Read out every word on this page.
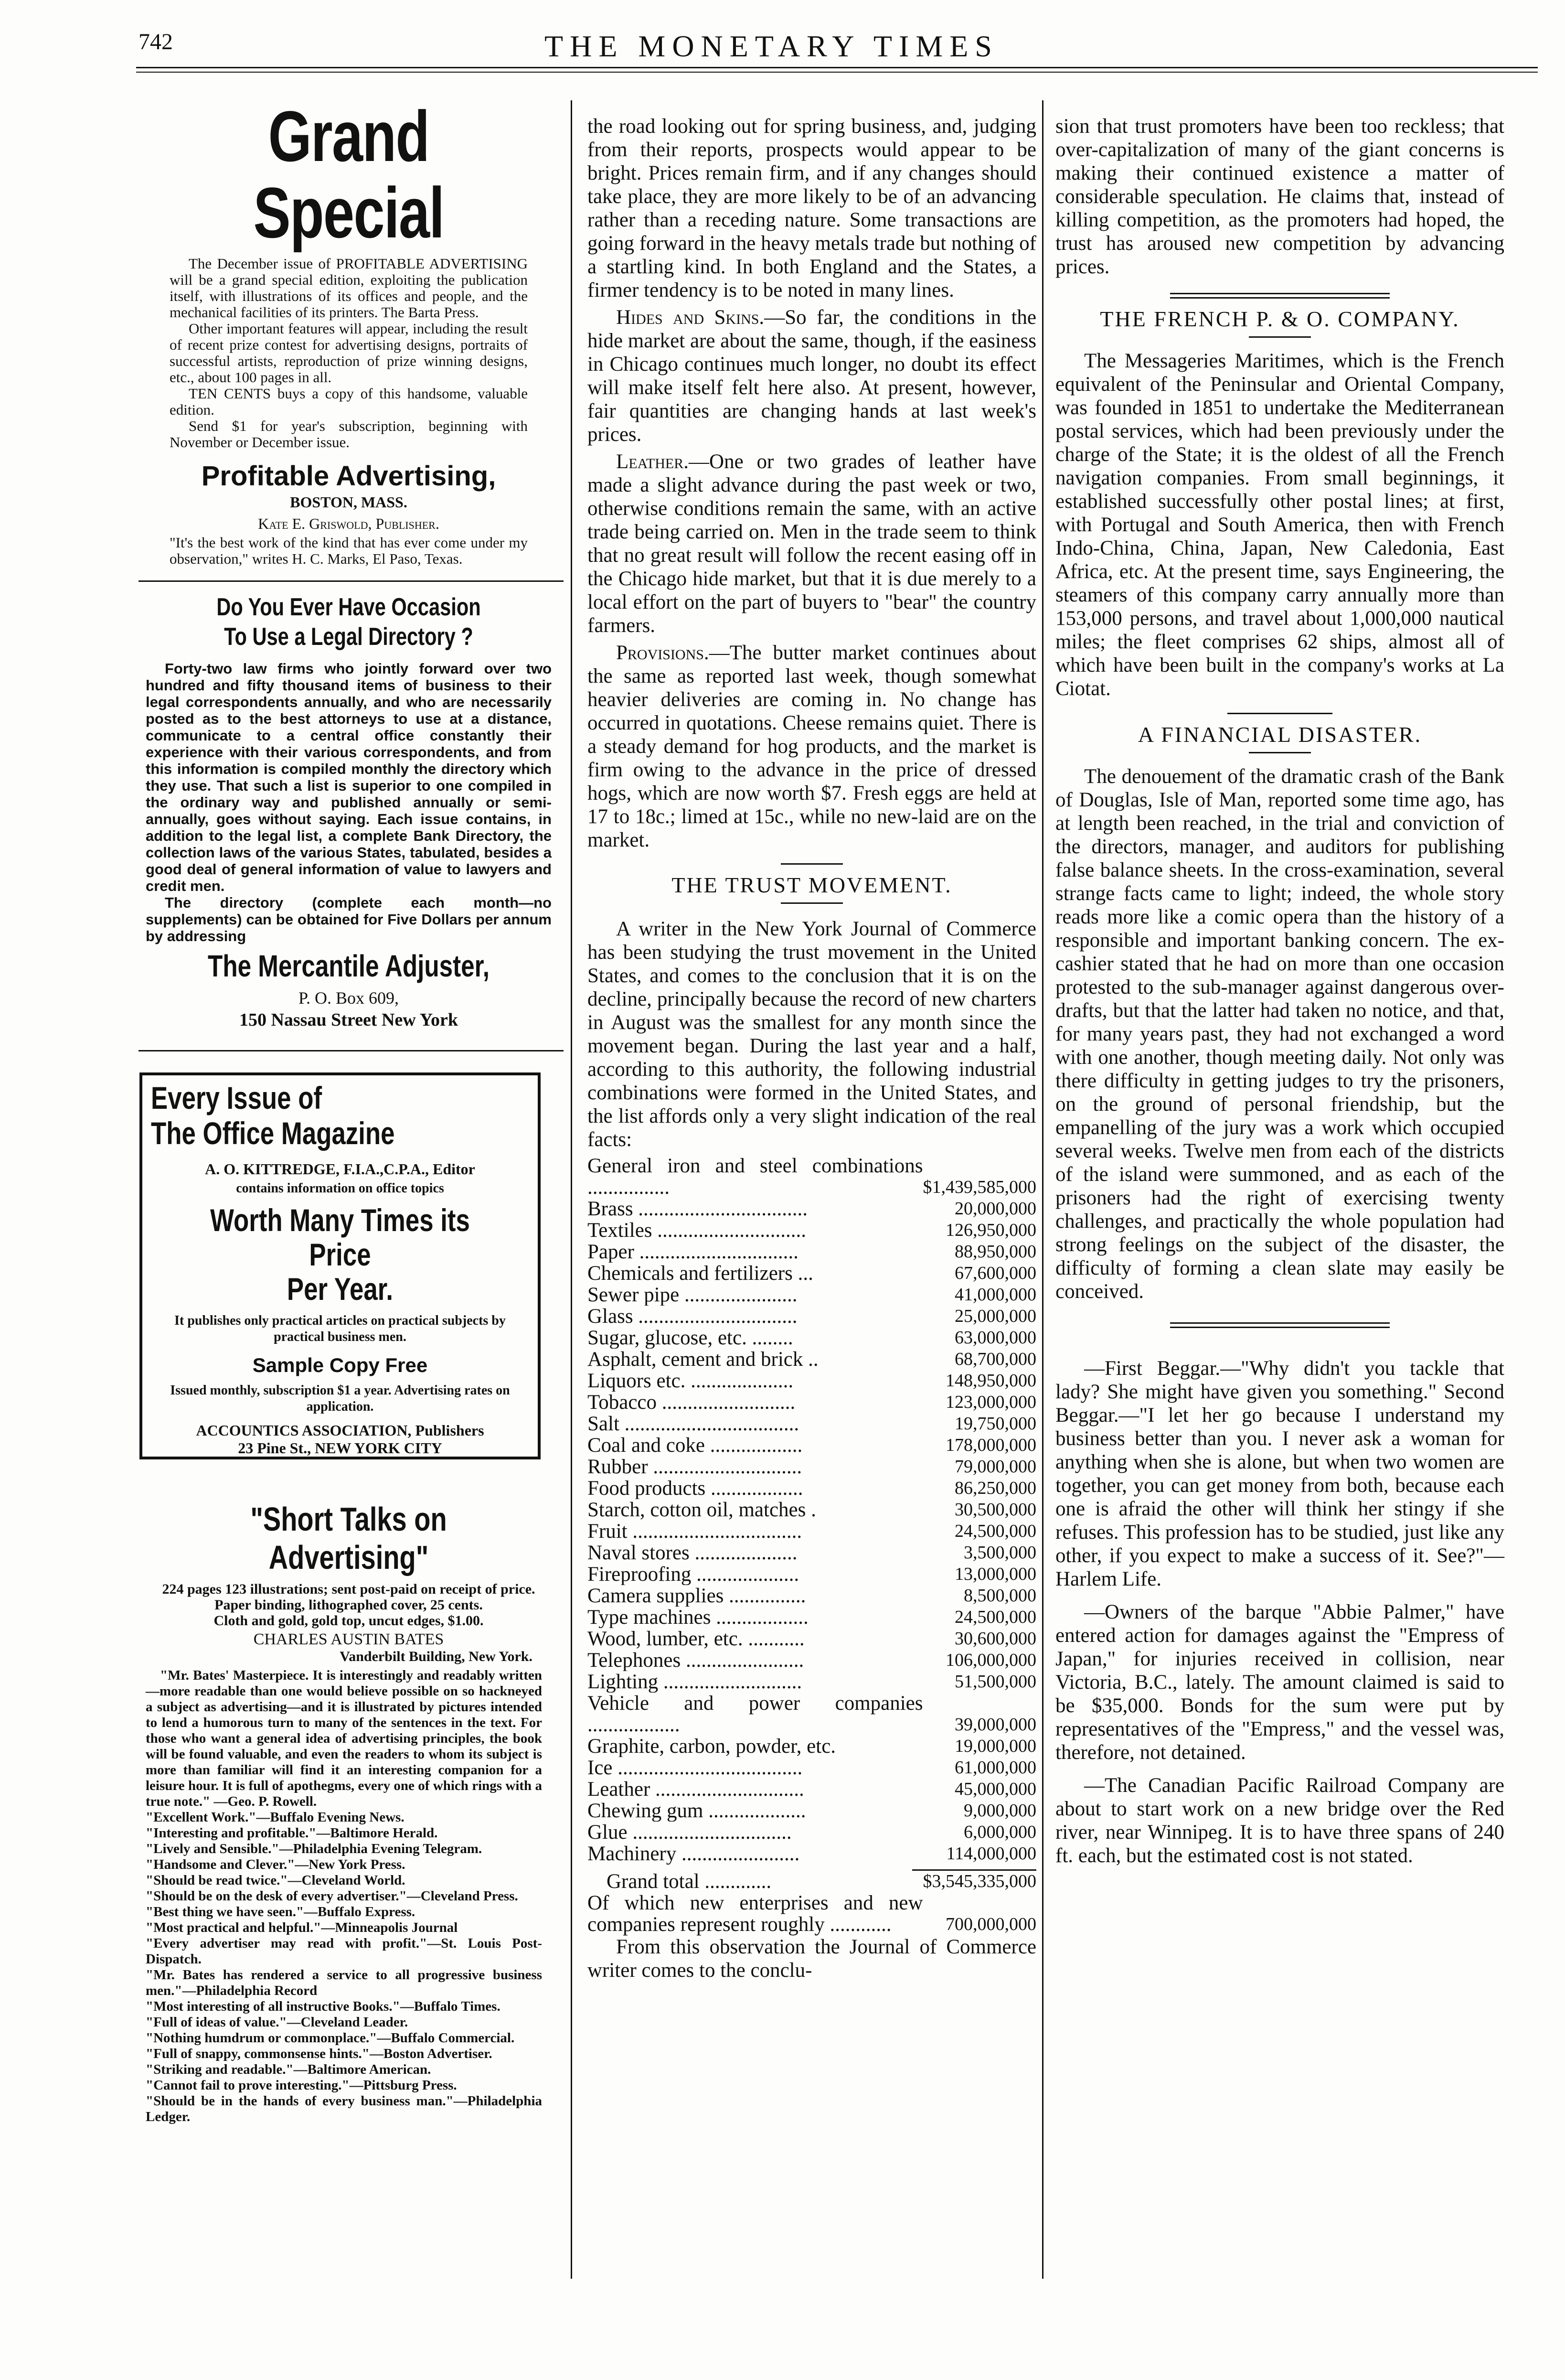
742	THE MONETARY TIMES
Grand Special

The December issue of PROFITABLE ADVERTISING will be a grand special edition, exploiting the publication itself, with illustrations of its offices and people, and the mechanical facilities of its printers. The Barta Press.

Other important features will appear, including the result of recent prize contest for advertising designs, portraits of successful artists, reproduction of prize winning designs, etc., about 100 pages in all.

TEN CENTS buys a copy of this handsome, valuable edition.

Send $1 for year's subscription, beginning with November or December issue.

Profitable Advertising,
BOSTON, MASS.
Kate E. Griswold, Publisher.
"It's the best work of the kind that has ever come under my observation," writes H. C. Marks, El Paso, Texas.
Do You Ever Have Occasion
To Use a Legal Directory ?

Forty-two law firms who jointly forward over two hundred and fifty thousand items of business to their legal correspondents annually, and who are necessarily posted as to the best attorneys to use at a distance, communicate to a central office constantly their experience with their various correspondents, and from this information is compiled monthly the directory which they use. That such a list is superior to one compiled in the ordinary way and published annually or semi-annually, goes without saying. Each issue contains, in addition to the legal list, a complete Bank Directory, the collection laws of the various States, tabulated, besides a good deal of general information of value to lawyers and credit men.

The directory (complete each month—no supplements) can be obtained for Five Dollars per annum by addressing

The Mercantile Adjuster,
P. O. Box 609,
150 Nassau Street New York
Every Issue of
The Office Magazine
A. O. KITTREDGE, F.I.A.,C.P.A., Editor
contains information on office topics
Worth Many Times its Price
Per Year.
It publishes only practical articles on practical subjects by practical business men.
Sample Copy Free
Issued monthly, subscription $1 a year. Advertising rates on application.
ACCOUNTICS ASSOCIATION, Publishers
23 Pine St., NEW YORK CITY
"Short Talks on Advertising"

224 pages 123 illustrations; sent post-paid on receipt of price.

Paper binding, lithographed cover, 25 cents.

Cloth and gold, gold top, uncut edges, $1.00.

CHARLES AUSTIN BATES
Vanderbilt Building, New York.

"Mr. Bates' Masterpiece. It is interestingly and readably written—more readable than one would believe possible on so hackneyed a subject as advertising—and it is illustrated by pictures intended to lend a humorous turn to many of the sentences in the text. For those who want a general idea of advertising principles, the book will be found valuable, and even the readers to whom its subject is more than familiar will find it an interesting companion for a leisure hour. It is full of apothegms, every one of which rings with a true note." —Geo. P. Rowell.

"Excellent Work."—Buffalo Evening News.

"Interesting and profitable."—Baltimore Herald.

"Lively and Sensible."—Philadelphia Evening Telegram.

"Handsome and Clever."—New York Press.

"Should be read twice."—Cleveland World.

"Should be on the desk of every advertiser."—Cleveland Press.

"Best thing we have seen."—Buffalo Express.

"Most practical and helpful."—Minneapolis Journal

"Every advertiser may read with profit."—St. Louis Post-Dispatch.

"Mr. Bates has rendered a service to all progressive business men."—Philadelphia Record

"Most interesting of all instructive Books."—Buffalo Times.

"Full of ideas of value."—Cleveland Leader.

"Nothing humdrum or commonplace."—Buffalo Commercial.

"Full of snappy, commonsense hints."—Boston Advertiser.

"Striking and readable."—Baltimore American.

"Cannot fail to prove interesting."—Pittsburg Press.

"Should be in the hands of every business man."—Philadelphia Ledger.

the road looking out for spring business, and, judging from their reports, prospects would appear to be bright. Prices remain firm, and if any changes should take place, they are more likely to be of an advancing rather than a receding nature. Some transactions are going forward in the heavy metals trade but nothing of a startling kind. In both England and the States, a firmer tendency is to be noted in many lines.

Hides and Skins.—So far, the conditions in the hide market are about the same, though, if the easiness in Chicago continues much longer, no doubt its effect will make itself felt here also. At present, however, fair quantities are changing hands at last week's prices.

Leather.—One or two grades of leather have made a slight advance during the past week or two, otherwise conditions remain the same, with an active trade being carried on. Men in the trade seem to think that no great result will follow the recent easing off in the Chicago hide market, but that it is due merely to a local effort on the part of buyers to "bear" the country farmers.

Provisions.—The butter market continues about the same as reported last week, though somewhat heavier deliveries are coming in. No change has occurred in quotations. Cheese remains quiet. There is a steady demand for hog products, and the market is firm owing to the advance in the price of dressed hogs, which are now worth $7. Fresh eggs are held at 17 to 18c.; limed at 15c., while no new-laid are on the market.

THE TRUST MOVEMENT.

A writer in the New York Journal of Commerce has been studying the trust movement in the United States, and comes to the conclusion that it is on the decline, principally because the record of new charters in August was the smallest for any month since the movement began. During the last year and a half, according to this authority, the following industrial combinations were formed in the United States, and the list affords only a very slight indication of the real facts:

General iron and steel combinations ................	$1,439,585,000
Brass .................................	20,000,000
Textiles .............................	126,950,000
Paper ...............................	88,950,000
Chemicals and fertilizers ...	67,600,000
Sewer pipe ......................	41,000,000
Glass ...............................	25,000,000
Sugar, glucose, etc. ........	63,000,000
Asphalt, cement and brick ..	68,700,000
Liquors etc. ....................	148,950,000
Tobacco ..........................	123,000,000
Salt ..................................	19,750,000
Coal and coke ..................	178,000,000
Rubber .............................	79,000,000
Food products ..................	86,250,000
Starch, cotton oil, matches .	30,500,000
Fruit .................................	24,500,000
Naval stores ....................	3,500,000
Fireproofing ....................	13,000,000
Camera supplies ...............	8,500,000
Type machines ..................	24,500,000
Wood, lumber, etc. ...........	30,600,000
Telephones .......................	106,000,000
Lighting ...........................	51,500,000
Vehicle and power companies ..................	39,000,000
Graphite, carbon, powder, etc.	19,000,000
Ice ....................................	61,000,000
Leather .............................	45,000,000
Chewing gum ...................	9,000,000
Glue ...............................	6,000,000
Machinery .......................	114,000,000
Grand total .............	$3,545,335,000
Of which new enterprises and new companies represent roughly ............	700,000,000

From this observation the Journal of Commerce writer comes to the conclu-

sion that trust promoters have been too reckless; that over-capitalization of many of the giant concerns is making their continued existence a matter of considerable speculation. He claims that, instead of killing competition, as the promoters had hoped, the trust has aroused new competition by advancing prices.

THE FRENCH P. & O. COMPANY.

The Messageries Maritimes, which is the French equivalent of the Peninsular and Oriental Company, was founded in 1851 to undertake the Mediterranean postal services, which had been previously under the charge of the State; it is the oldest of all the French navigation companies. From small beginnings, it established successfully other postal lines; at first, with Portugal and South America, then with French Indo-China, China, Japan, New Caledonia, East Africa, etc. At the present time, says Engineering, the steamers of this company carry annually more than 153,000 persons, and travel about 1,000,000 nautical miles; the fleet comprises 62 ships, almost all of which have been built in the company's works at La Ciotat.

A FINANCIAL DISASTER.

The denouement of the dramatic crash of the Bank of Douglas, Isle of Man, reported some time ago, has at length been reached, in the trial and conviction of the directors, manager, and auditors for publishing false balance sheets. In the cross-examination, several strange facts came to light; indeed, the whole story reads more like a comic opera than the history of a responsible and important banking concern. The ex-cashier stated that he had on more than one occasion protested to the sub-manager against dangerous over-drafts, but that the latter had taken no notice, and that, for many years past, they had not exchanged a word with one another, though meeting daily. Not only was there difficulty in getting judges to try the prisoners, on the ground of personal friendship, but the empanelling of the jury was a work which occupied several weeks. Twelve men from each of the districts of the island were summoned, and as each of the prisoners had the right of exercising twenty challenges, and practically the whole population had strong feelings on the subject of the disaster, the difficulty of forming a clean slate may easily be conceived.

—First Beggar.—"Why didn't you tackle that lady? She might have given you something." Second Beggar.—"I let her go because I understand my business better than you. I never ask a woman for anything when she is alone, but when two women are together, you can get money from both, because each one is afraid the other will think her stingy if she refuses. This profession has to be studied, just like any other, if you expect to make a success of it. See?"—Harlem Life.

—Owners of the barque "Abbie Palmer," have entered action for damages against the "Empress of Japan," for injuries received in collision, near Victoria, B.C., lately. The amount claimed is said to be $35,000. Bonds for the sum were put by representatives of the "Empress," and the vessel was, therefore, not detained.

—The Canadian Pacific Railroad Company are about to start work on a new bridge over the Red river, near Winnipeg. It is to have three spans of 240 ft. each, but the estimated cost is not stated.
